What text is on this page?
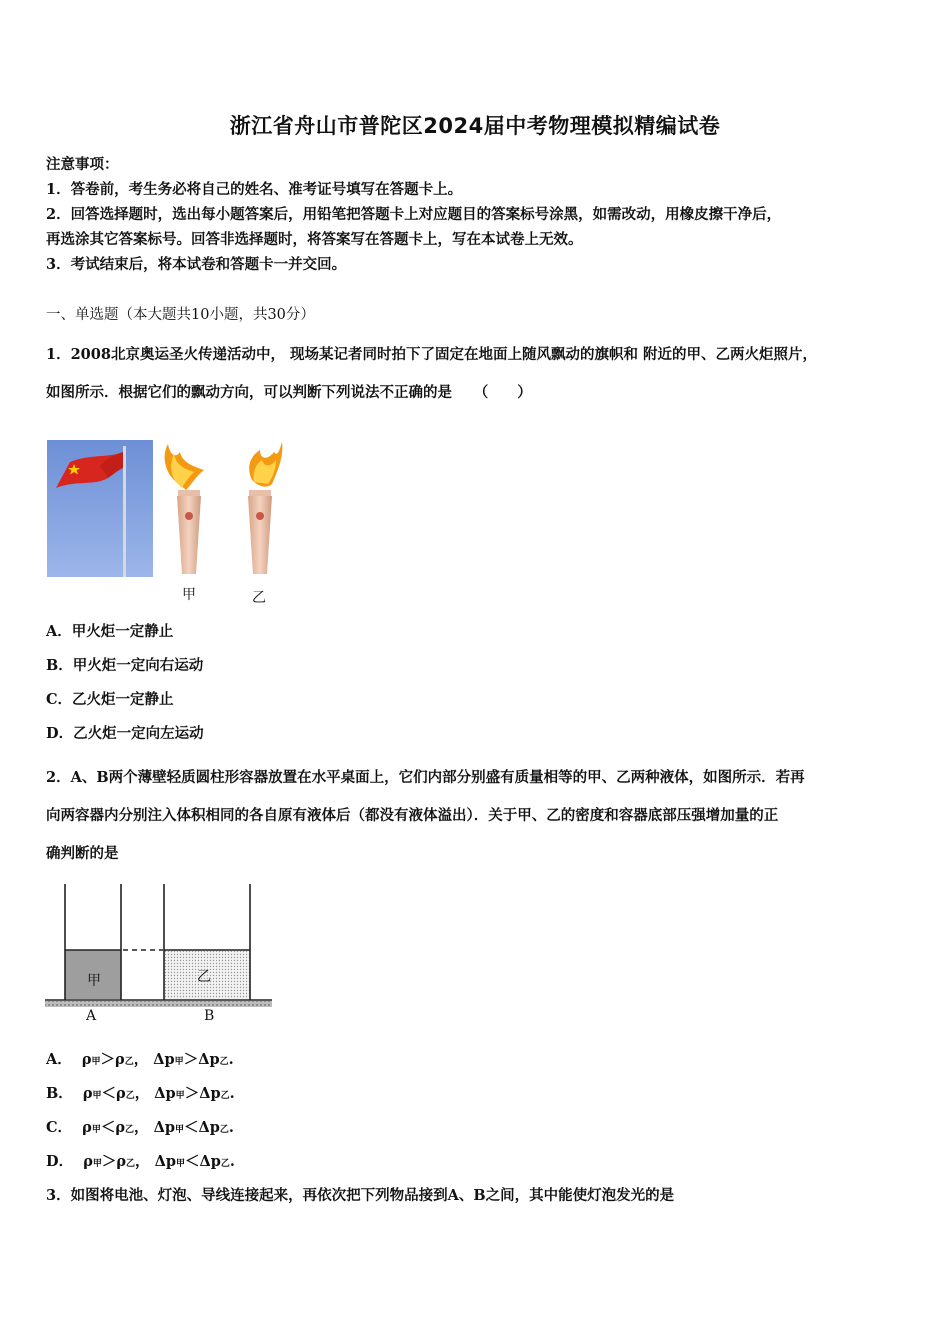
浙江省舟山市普陀区2024届中考物理模拟精编试卷
注意事项：
1．答卷前，考生务必将自己的姓名、准考证号填写在答题卡上。
2．回答选择题时，选出每小题答案后，用铅笔把答题卡上对应题目的答案标号涂黑，如需改动，用橡皮擦干净后，
再选涂其它答案标号。回答非选择题时，将答案写在答题卡上，写在本试卷上无效。
3．考试结束后，将本试卷和答题卡一并交回。
一、单选题（本大题共10小题，共30分）
1．2008北京奥运圣火传递活动中， 现场某记者同时拍下了固定在地面上随风飘动的旗帜和 附近的甲、乙两火炬照片，
如图所示．根据它们的飘动方向，可以判断下列说法不正确的是　　（　　）
甲	乙
A．甲火炬一定静止
B．甲火炬一定向右运动
C．乙火炬一定静止
D．乙火炬一定向左运动
2．A、B两个薄壁轻质圆柱形容器放置在水平桌面上，它们内部分别盛有质量相等的甲、乙两种液体，如图所示．若再
向两容器内分别注入体积相同的各自原有液体后（都没有液体溢出）．关于甲、乙的密度和容器底部压强增加量的正
确判断的是
甲	乙
A	B
A． ρ甲＞ρ乙， Δp甲＞Δp乙.
B． ρ甲＜ρ乙， Δp甲＞Δp乙.
C． ρ甲＜ρ乙， Δp甲＜Δp乙.
D． ρ甲＞ρ乙， Δp甲＜Δp乙.
3．如图将电池、灯泡、导线连接起来，再依次把下列物品接到A、B之间，其中能使灯泡发光的是
